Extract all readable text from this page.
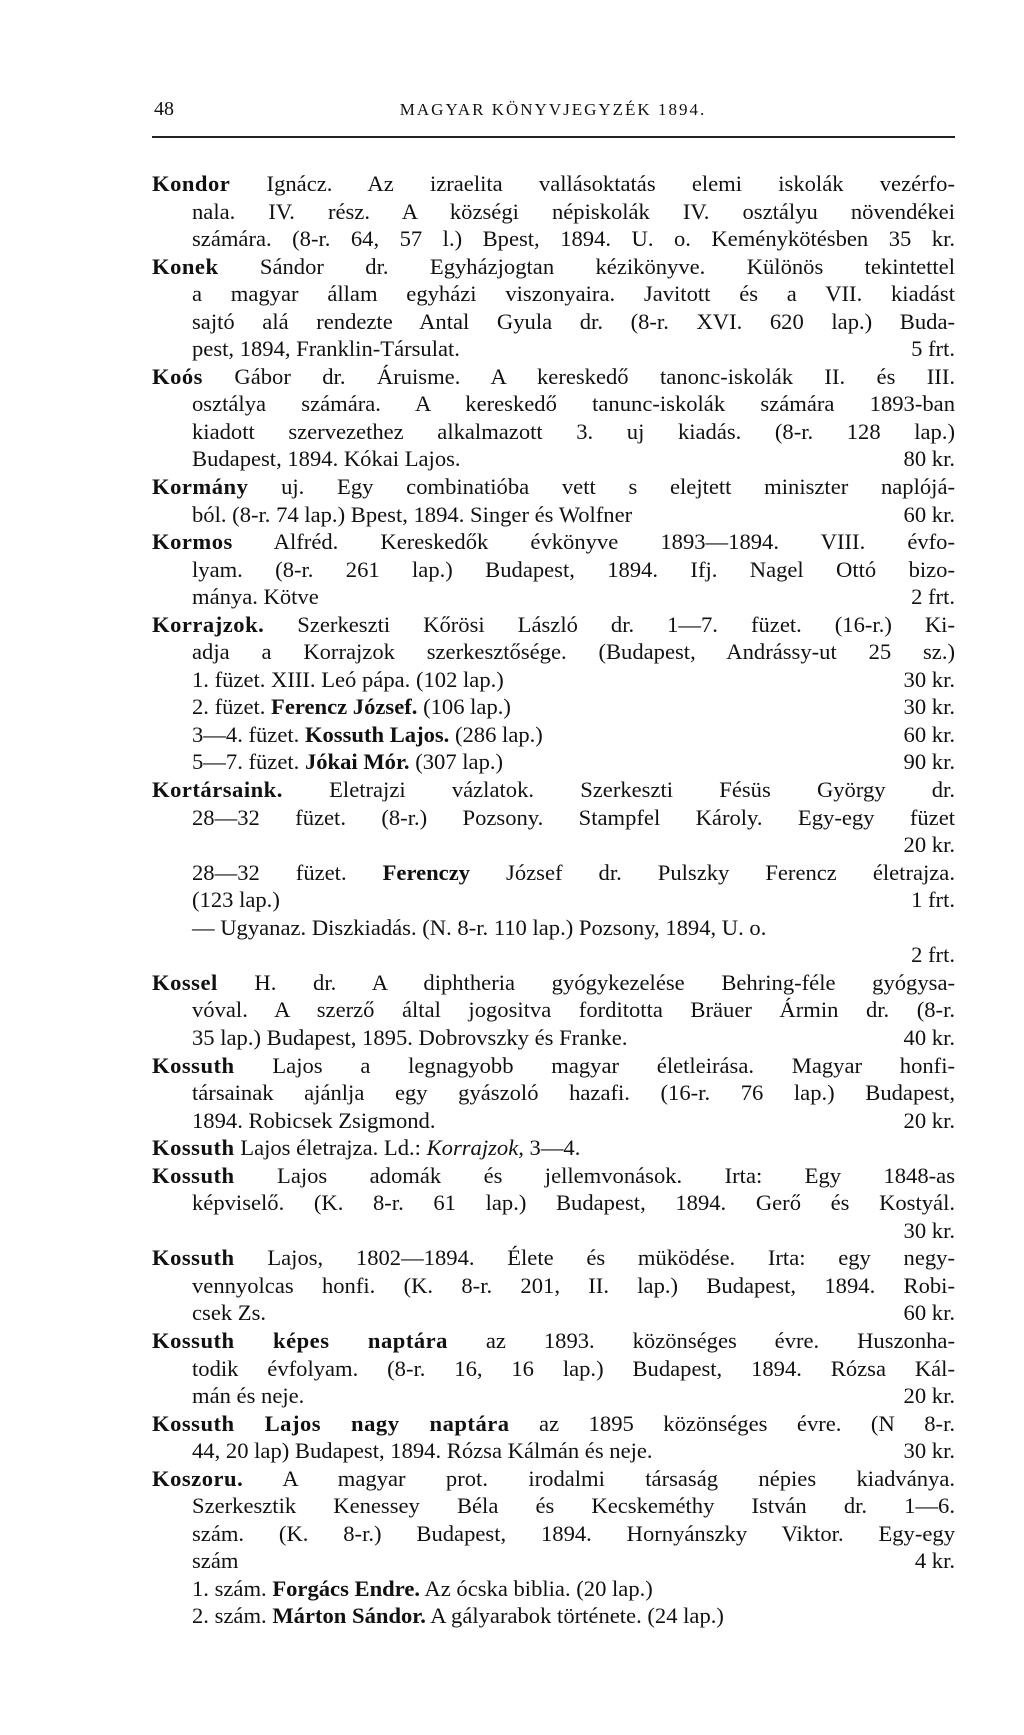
48	MAGYAR KÖNYVJEGYZÉK 1894.
Kondor Ignácz. Az izraelita vallásoktatás elemi iskolák vezérfo-
nala. IV. rész. A községi népiskolák IV. osztályu növendékei
számára. (8-r. 64, 57 l.) Bpest, 1894. U. o. Keménykötésben 35 kr.
Konek Sándor dr. Egyházjogtan kézikönyve. Különös tekintettel
a magyar állam egyházi viszonyaira. Javitott és a VII. kiadást
sajtó alá rendezte Antal Gyula dr. (8-r. XVI. 620 lap.) Buda-
pest, 1894, Franklin-Társulat.	5 frt.
Koós Gábor dr. Áruisme. A kereskedő tanonc-iskolák II. és III.
osztálya számára. A kereskedő tanunc-iskolák számára 1893-ban
kiadott szervezethez alkalmazott 3. uj kiadás. (8-r. 128 lap.)
Budapest, 1894. Kókai Lajos.	80 kr.
Kormány uj. Egy combinatióba vett s elejtett miniszter naplójá-
ból. (8-r. 74 lap.) Bpest, 1894. Singer és Wolfner	60 kr.
Kormos Alfréd. Kereskedők évkönyve 1893—1894. VIII. évfo-
lyam. (8-r. 261 lap.) Budapest, 1894. Ifj. Nagel Ottó bizo-
mánya. Kötve	2 frt.
Korrajzok. Szerkeszti Kőrösi László dr. 1—7. füzet. (16-r.) Ki-
adja a Korrajzok szerkesztősége. (Budapest, Andrássy-ut 25 sz.)
1. füzet. XIII. Leó pápa. (102 lap.)	30 kr.
2. füzet. Ferencz József. (106 lap.)	30 kr.
3—4. füzet. Kossuth Lajos. (286 lap.)	60 kr.
5—7. füzet. Jókai Mór. (307 lap.)	90 kr.
Kortársaink. Eletrajzi vázlatok. Szerkeszti Fésüs György dr.
28—32 füzet. (8-r.) Pozsony. Stampfel Károly. Egy-egy füzet
20 kr.
28—32 füzet. Ferenczy József dr. Pulszky Ferencz életrajza.
(123 lap.)	1 frt.
— Ugyanaz. Diszkiadás. (N. 8-r. 110 lap.) Pozsony, 1894, U. o.
2 frt.
Kossel H. dr. A diphtheria gyógykezelése Behring-féle gyógysa-
vóval. A szerző által jogositva forditotta Bräuer Ármin dr. (8-r.
35 lap.) Budapest, 1895. Dobrovszky és Franke.	40 kr.
Kossuth Lajos a legnagyobb magyar életleirása. Magyar honfi-
társainak ajánlja egy gyászoló hazafi. (16-r. 76 lap.) Budapest,
1894. Robicsek Zsigmond.	20 kr.
Kossuth Lajos életrajza. Ld.: Korrajzok, 3—4.
Kossuth Lajos adomák és jellemvonások. Irta: Egy 1848-as
képviselő. (K. 8-r. 61 lap.) Budapest, 1894. Gerő és Kostyál.
30 kr.
Kossuth Lajos, 1802—1894. Élete és müködése. Irta: egy negy-
vennyolcas honfi. (K. 8-r. 201, II. lap.) Budapest, 1894. Robi-
csek Zs.	60 kr.
Kossuth képes naptára az 1893. közönséges évre. Huszonha-
todik évfolyam. (8-r. 16, 16 lap.) Budapest, 1894. Rózsa Kál-
mán és neje.	20 kr.
Kossuth Lajos nagy naptára az 1895 közönséges évre. (N 8-r.
44, 20 lap) Budapest, 1894. Rózsa Kálmán és neje.	30 kr.
Koszoru. A magyar prot. irodalmi társaság népies kiadványa.
Szerkesztik Kenessey Béla és Kecskeméthy István dr. 1—6.
szám. (K. 8-r.) Budapest, 1894. Hornyánszky Viktor. Egy-egy
szám	4 kr.
1. szám. Forgács Endre. Az ócska biblia. (20 lap.)
2. szám. Márton Sándor. A gályarabok története. (24 lap.)
